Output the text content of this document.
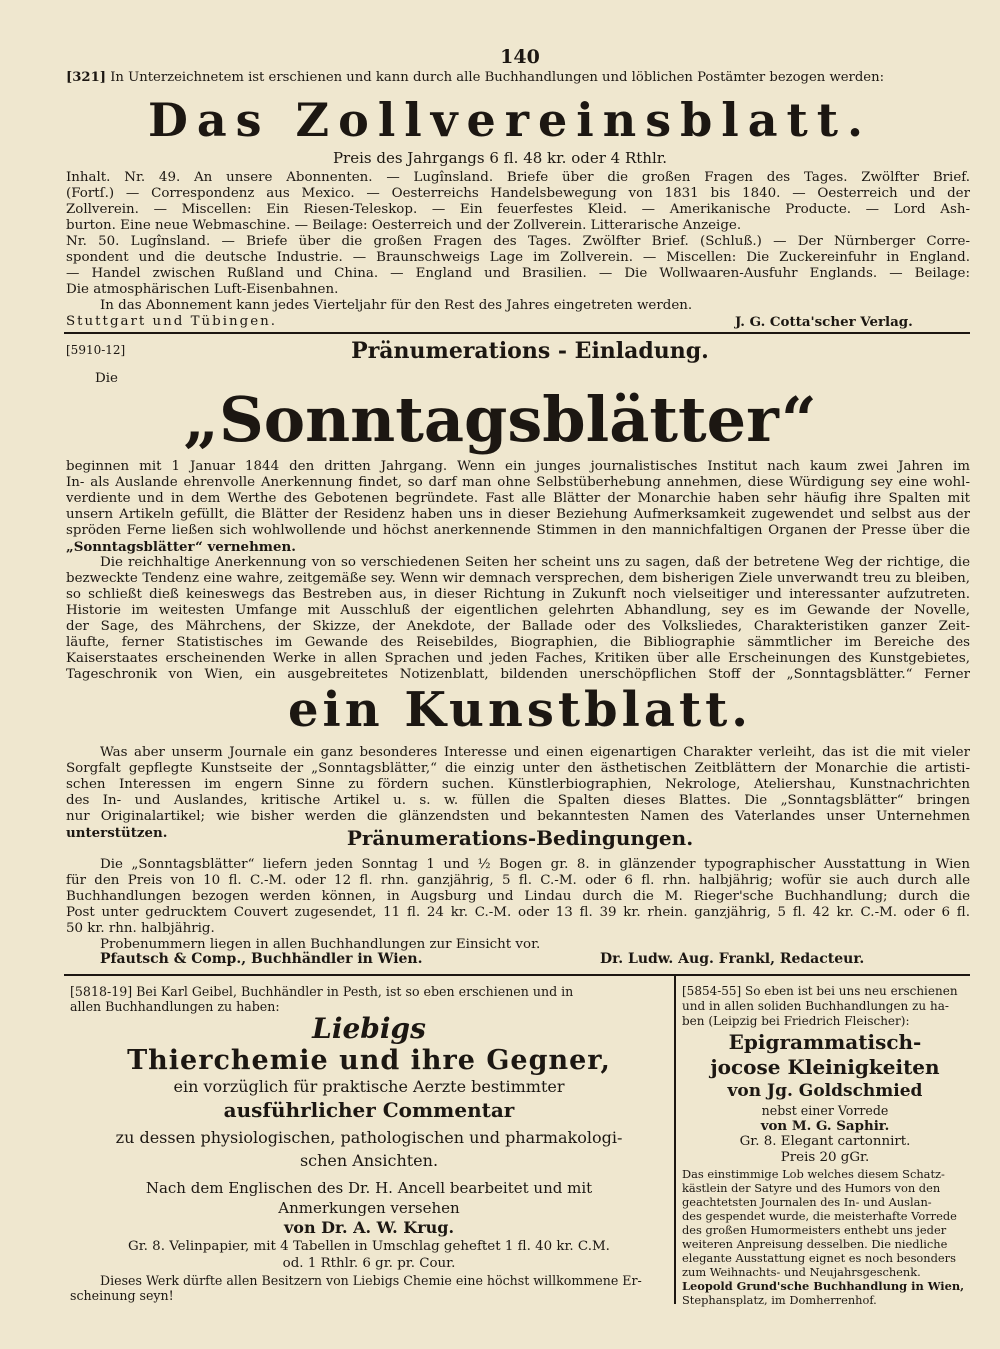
140
[321] In Unterzeichnetem ist erschienen und kann durch alle Buchhandlungen und löblichen Postämter bezogen werden:
Das Zollvereinsblatt.
Preis des Jahrgangs 6 fl. 48 kr. oder 4 Rthlr.
Inhalt. Nr. 49. An unsere Abonnenten. — Lugînsland. Briefe über die großen Fragen des Tages. Zwölfter Brief.
(Fortſ.) — Correspondenz aus Mexico. — Oesterreichs Handelsbewegung von 1831 bis 1840. — Oesterreich und der
Zollverein. — Miscellen: Ein Riesen-Teleskop. — Ein feuerfestes Kleid. — Amerikanische Producte. — Lord Ash-
burton. Eine neue Webmaschine. — Beilage: Oesterreich und der Zollverein. Litterarische Anzeige.
Nr. 50. Lugînsland. — Briefe über die großen Fragen des Tages. Zwölfter Brief. (Schluß.) — Der Nürnberger Corre-
spondent und die deutsche Industrie. — Braunschweigs Lage im Zollverein. — Miscellen: Die Zuckereinfuhr in England.
— Handel zwischen Rußland und China. — England und Brasilien. — Die Wollwaaren-Ausfuhr Englands. — Beilage:
Die atmosphärischen Luft-Eisenbahnen.
In das Abonnement kann jedes Vierteljahr für den Rest des Jahres eingetreten werden.
Stuttgart und Tübingen.	J. G. Cotta'scher Verlag.
[5910-12]	Pränumerations - Einladung.
Die
„Sonntagsblätter“
beginnen mit 1 Januar 1844 den dritten Jahrgang. Wenn ein junges journalistisches Institut nach kaum zwei Jahren im
In- als Auslande ehrenvolle Anerkennung findet, so darf man ohne Selbstüberhebung annehmen, diese Würdigung sey eine wohl-
verdiente und in dem Werthe des Gebotenen begründete. Fast alle Blätter der Monarchie haben sehr häufig ihre Spalten mit
unsern Artikeln gefüllt, die Blätter der Residenz haben uns in dieser Beziehung Aufmerksamkeit zugewendet und selbst aus der
spröden Ferne ließen sich wohlwollende und höchst anerkennende Stimmen in den mannichfaltigen Organen der Presse über die
„Sonntagsblätter“ vernehmen.
Die reichhaltige Anerkennung von so verschiedenen Seiten her scheint uns zu sagen, daß der betretene Weg der richtige, die
bezweckte Tendenz eine wahre, zeitgemäße sey. Wenn wir demnach versprechen, dem bisherigen Ziele unverwandt treu zu bleiben,
so schließt dieß keineswegs das Bestreben aus, in dieser Richtung in Zukunft noch vielseitiger und interessanter aufzutreten.
Historie im weitesten Umfange mit Ausschluß der eigentlichen gelehrten Abhandlung, sey es im Gewande der Novelle,
der Sage, des Mährchens, der Skizze, der Anekdote, der Ballade oder des Volksliedes, Charakteristiken ganzer Zeit-
läufte, ferner Statistisches im Gewande des Reisebildes, Biographien, die Bibliographie sämmtlicher im Bereiche des
Kaiserstaates erscheinenden Werke in allen Sprachen und jeden Faches, Kritiken über alle Erscheinungen des Kunstgebietes,
Tageschronik von Wien, ein ausgebreitetes Notizenblatt, bildenden unerschöpflichen Stoff der „Sonntagsblätter.“ Ferner
ein Kunstblatt.
Was aber unserm Journale ein ganz besonderes Interesse und einen eigenartigen Charakter verleiht, das ist die mit vieler
Sorgfalt gepflegte Kunstseite der „Sonntagsblätter,“ die einzig unter den ästhetischen Zeitblättern der Monarchie die artisti-
schen Interessen im engern Sinne zu fördern suchen. Künstlerbiographien, Nekrologe, Ateliershau, Kunstnachrichten
des In- und Auslandes, kritische Artikel u. s. w. füllen die Spalten dieses Blattes. Die „Sonntagsblätter“ bringen
nur Originalartikel; wie bisher werden die glänzendsten und bekanntesten Namen des Vaterlandes unser Unternehmen
unterstützen.	Pränumerations-Bedingungen.
Die „Sonntagsblätter“ liefern jeden Sonntag 1 und ½ Bogen gr. 8. in glänzender typographischer Ausstattung in Wien
für den Preis von 10 fl. C.-M. oder 12 fl. rhn. ganzjährig, 5 fl. C.-M. oder 6 fl. rhn. halbjährig; wofür sie auch durch alle
Buchhandlungen bezogen werden können, in Augsburg und Lindau durch die M. Rieger'sche Buchhandlung; durch die
Post unter gedrucktem Couvert zugesendet, 11 fl. 24 kr. C.-M. oder 13 fl. 39 kr. rhein. ganzjährig, 5 fl. 42 kr. C.-M. oder 6 fl.
50 kr. rhn. halbjährig.
Probenummern liegen in allen Buchhandlungen zur Einsicht vor.
Pfautsch & Comp., Buchhändler in Wien.	Dr. Ludw. Aug. Frankl, Redacteur.
[5818-19] Bei Karl Geibel, Buchhändler in Pesth, ist so eben erschienen und in
allen Buchhandlungen zu haben:
Liebigs
Thierchemie und ihre Gegner,
ein vorzüglich für praktische Aerzte bestimmter
ausführlicher Commentar
zu dessen physiologischen, pathologischen und pharmakologi-
schen Ansichten.
Nach dem Englischen des Dr. H. Ancell bearbeitet und mit
Anmerkungen versehen
von Dr. A. W. Krug.
Gr. 8. Velinpapier, mit 4 Tabellen in Umschlag geheftet 1 fl. 40 kr. C.M.
od. 1 Rthlr. 6 gr. pr. Cour.
Dieses Werk dürfte allen Besitzern von Liebigs Chemie eine höchst willkommene Er-
scheinung seyn!
[5854-55] So eben ist bei uns neu erschienen
und in allen soliden Buchhandlungen zu ha-
ben (Leipzig bei Friedrich Fleischer):
Epigrammatisch-
jocose Kleinigkeiten
von Jg. Goldschmied
nebst einer Vorrede
von M. G. Saphir.
Gr. 8. Elegant cartonnirt.
Preis 20 gGr.
Das einstimmige Lob welches diesem Schatz-
kästlein der Satyre und des Humors von den
geachtetsten Journalen des In- und Auslan-
des gespendet wurde, die meisterhafte Vorrede
des großen Humormeisters enthebt uns jeder
weiteren Anpreisung desselben. Die niedliche
elegante Ausstattung eignet es noch besonders
zum Weihnachts- und Neujahrsgeschenk.
Leopold Grund'sche Buchhandlung in Wien,
Stephansplatz, im Domherrenhof.
